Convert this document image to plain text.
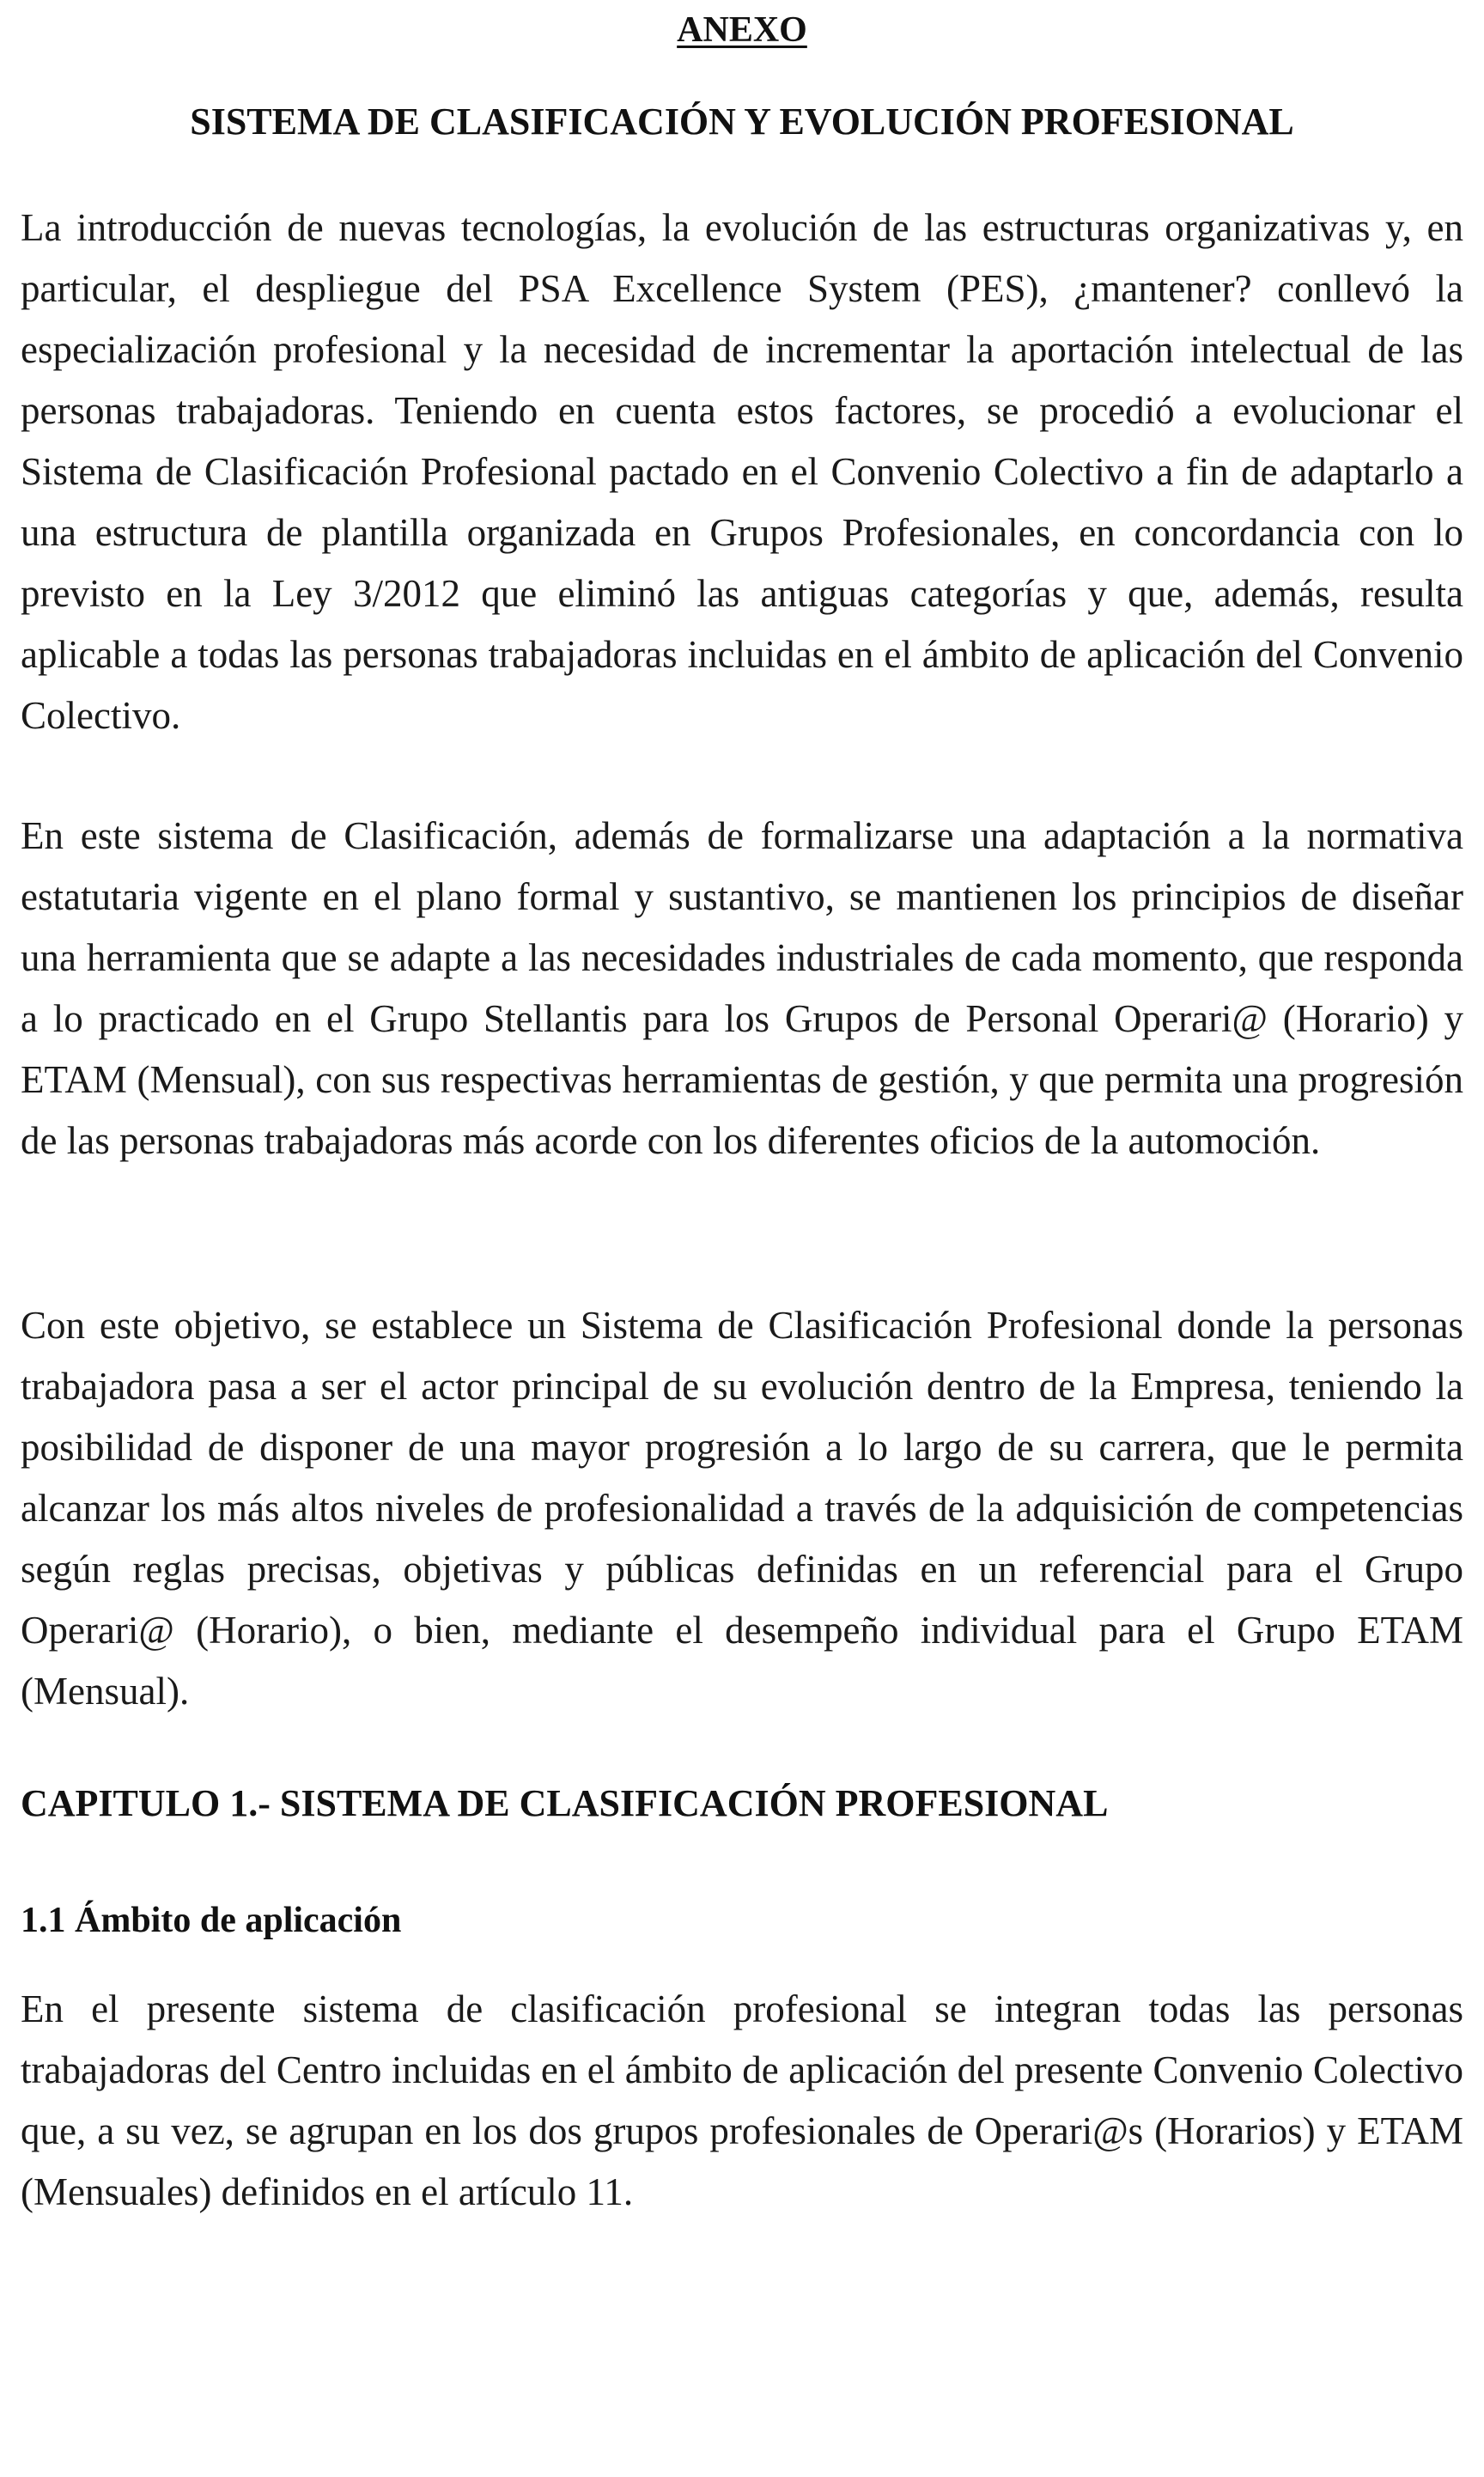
ANEXO
SISTEMA DE CLASIFICACIÓN Y EVOLUCIÓN PROFESIONAL

La introducción de nuevas tecnologías, la evolución de las estructuras organizativas y, en particular, el despliegue del PSA Excellence System (PES), ¿mantener? conllevó la especialización profesional y la necesidad de incrementar la aportación intelectual de las personas trabajadoras. Teniendo en cuenta estos factores, se procedió a evolucionar el Sistema de Clasificación Profesional pactado en el Convenio Colectivo a fin de adaptarlo a una estructura de plantilla organizada en Grupos Profesionales, en concordancia con lo previsto en la Ley 3/2012 que eliminó las antiguas categorías y que, además, resulta aplicable a todas las personas trabajadoras incluidas en el ámbito de aplicación del Convenio Colectivo.

En este sistema de Clasificación, además de formalizarse una adaptación a la normativa estatutaria vigente en el plano formal y sustantivo, se mantienen los principios de diseñar una herramienta que se adapte a las necesidades industriales de cada momento, que responda a lo practicado en el Grupo Stellantis para los Grupos de Personal Operari@ (Horario) y ETAM (Mensual), con sus respectivas herramientas de gestión, y que permita una progresión de las personas trabajadoras más acorde con los diferentes oficios de la automoción.

Con este objetivo, se establece un Sistema de Clasificación Profesional donde la personas trabajadora pasa a ser el actor principal de su evolución dentro de la Empresa, teniendo la posibilidad de disponer de una mayor progresión a lo largo de su carrera, que le permita alcanzar los más altos niveles de profesionalidad a través de la adquisición de competencias según reglas precisas, objetivas y públicas definidas en un referencial para el Grupo Operari@ (Horario), o bien, mediante el desempeño individual para el Grupo ETAM (Mensual).

CAPITULO 1.- SISTEMA DE CLASIFICACIÓN PROFESIONAL
1.1 Ámbito de aplicación

En el presente sistema de clasificación profesional se integran todas las personas trabajadoras del Centro incluidas en el ámbito de aplicación del presente Convenio Colectivo que, a su vez, se agrupan en los dos grupos profesionales de Operari@s (Horarios) y ETAM (Mensuales) definidos en el artículo 11.
